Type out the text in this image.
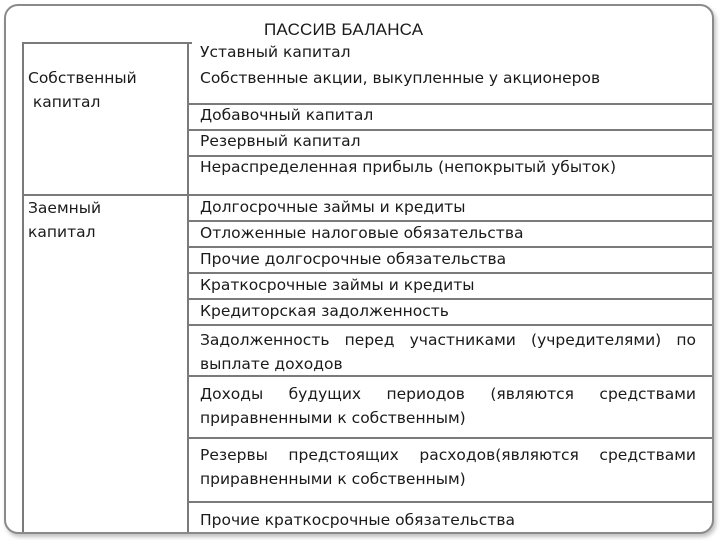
ПАССИВ БАЛАНСА
Собственный
капитал
Заемный
капитал
Уставный капитал
Собственные акции, выкупленные у акционеров
Добавочный капитал
Резервный капитал
Нераспределенная прибыль (непокрытый убыток)
Долгосрочные займы и кредиты
Отложенные налоговые обязательства
Прочие долгосрочные обязательства
Краткосрочные займы и кредиты
Кредиторская задолженность
Задолженность перед участниками (учредителями) по выплате доходов
Доходы будущих периодов (являются средствами приравненными к собственным)
Резервы предстоящих расходов(являются средствами приравненными к собственным)
Прочие краткосрочные обязательства
